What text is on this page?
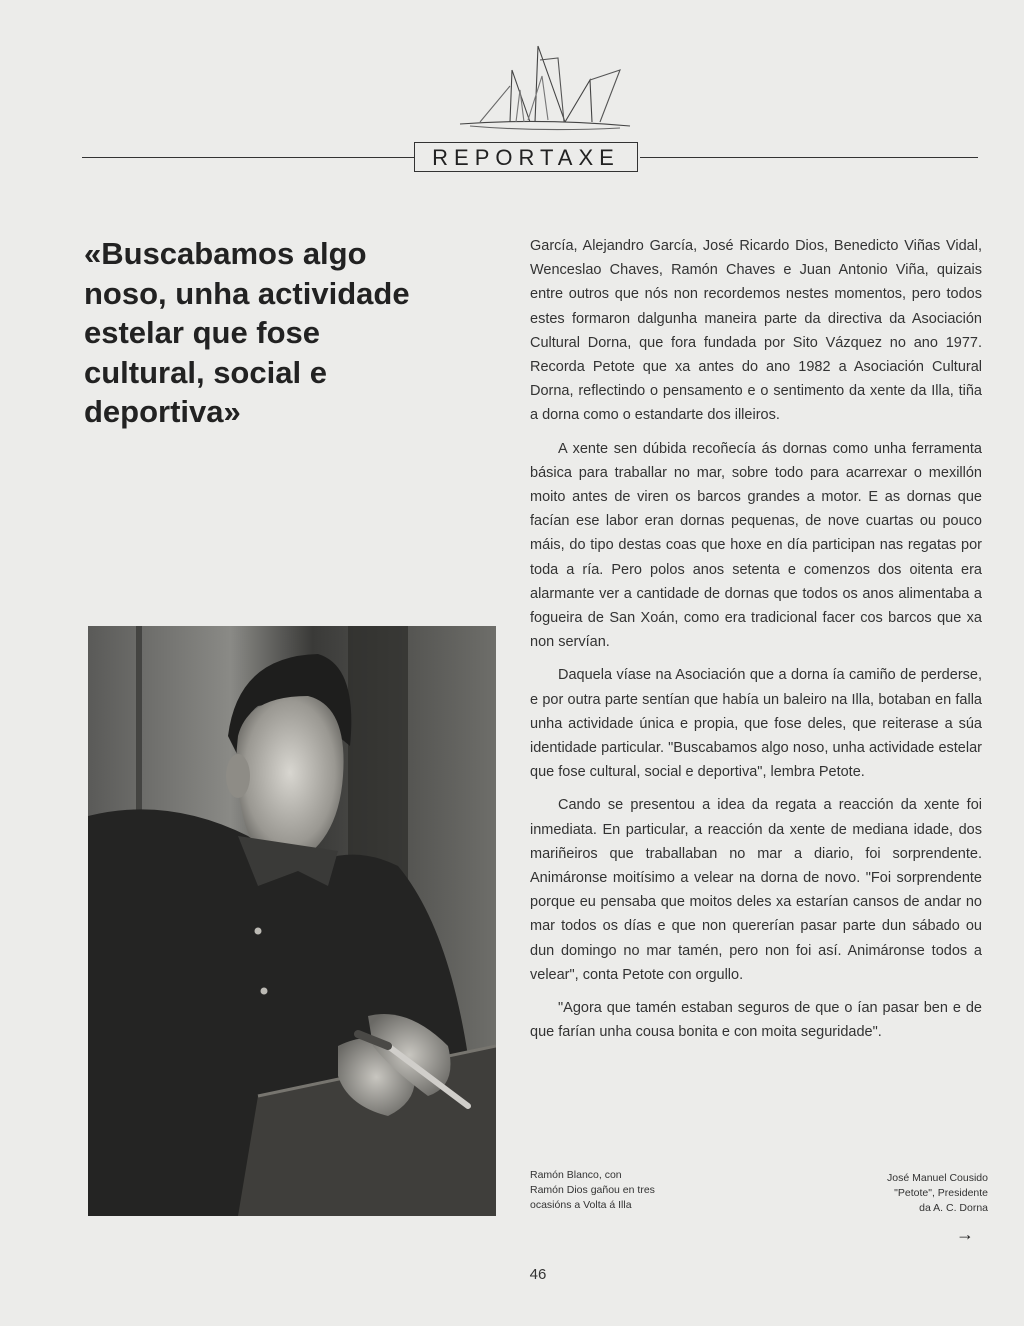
REPORTAXE

«Buscabamos algo noso, unha actividade estelar que fose cultural, social e deportiva»

García, Alejandro García, José Ricardo Dios, Benedicto Viñas Vidal, Wenceslao Chaves, Ramón Chaves e Juan Antonio Viña, quizais entre outros que nós non recordemos nestes momentos, pero todos estes formaron dalgunha maneira parte da directiva da Asociación Cultural Dorna, que fora fundada por Sito Vázquez no ano 1977. Recorda Petote que xa antes do ano 1982 a Asociación Cultural Dorna, reflectindo o pensamento e o sentimento da xente da Illa, tiña a dorna como o estandarte dos illeiros.

A xente sen dúbida recoñecía ás dornas como unha ferramenta básica para traballar no mar, sobre todo para acarrexar o mexillón moito antes de viren os barcos grandes a motor. E as dornas que facían ese labor eran dornas pequenas, de nove cuartas ou pouco máis, do tipo destas coas que hoxe en día participan nas regatas por toda a ría. Pero polos anos setenta e comenzos dos oitenta era alarmante ver a cantidade de dornas que todos os anos alimentaba a fogueira de San Xoán, como era tradicional facer cos barcos que xa non servían.

Daquela víase na Asociación que a dorna ía camiño de perderse, e por outra parte sentían que había un baleiro na Illa, botaban en falla unha actividade única e propia, que fose deles, que reiterase a súa identidade particular. "Buscabamos algo noso, unha actividade estelar que fose cultural, social e deportiva", lembra Petote.

Cando se presentou a idea da regata a reacción da xente foi inmediata. En particular, a reacción da xente de mediana idade, dos mariñeiros que traballaban no mar a diario, foi sorprendente. Animáronse moitísimo a velear na dorna de novo. "Foi sorprendente porque eu pensaba que moitos deles xa estarían cansos de andar no mar todos os días e que non quererían pasar parte dun sábado ou dun domingo no mar tamén, pero non foi así. Animáronse todos a velear", conta Petote con orgullo.

"Agora que tamén estaban seguros de que o ían pasar ben e de que farían unha cousa bonita e con moita seguridade".

Ramón Blanco, con
Ramón Dios gañou en tres
ocasións a Volta á Illa
José Manuel Cousido
"Petote", Presidente
da A. C. Dorna
→
46
